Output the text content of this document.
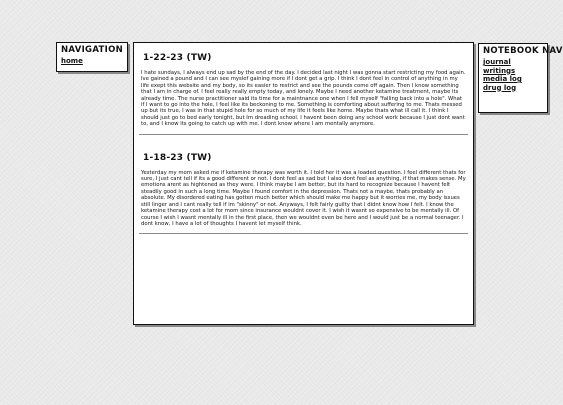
NAVIGATION
home	1-22-23 (TW)
I hate sundays, I always end up sad by the end of the day. I decided last night I was gonna start restricting my food again. Ive gained a pound and I can see myslef gaining more if I dont get a grip. I think I dont feel in control of anything in my life exept this website and my body, so its easier to restrict and see the pounds come off again. Then I know something that I am in charge of. I feel really really empty today, and lonely. Maybe I need another ketamine treatment, maybe its already time. The nurse practitioner said its time for a maintnance one when I fell myself "falling back into a hole". What if I want to go into the hole, I feel like its beckoning to me. Something is comforting about suffering to me. Thats messed up but its true, I was in that stupid hole for so much of my life it feels like home. Maybe thats what ill call it. I think I should just go to bed early tonight, but Im dreading school. I havent been doing any school work because I just dont want to, and I know its going to catch up with me. I dont know where I am mentally anymore.
1-18-23 (TW)
Yesterday my mom asked me if ketamine therapy was worth it. I told her it was a loaded question. I feel different thats for sure, I just cant tell if its a good different or not. I dont feel as sad but I also dont feel as anything, if that makes sense. My emotions arent as hightened as they were. I think maybe I am better, but its hard to recognize because I havent felt steadily good in such a long time. Maybe I found comfort in the depression. Thats not a maybe, thats probably an absolute. My disordered eating has gotten much better which should make me happy but it worries me, my body issues still linger and I cant really tell if im "skinny" or not. Anyways, I felt fairly guilty that I didnt know how I felt. I know the ketamine therapy cost a lot for mom since insurance wouldnt cover it. I wish it wasnt so expensive to be mentally ill. Of course I wish I wasnt mentally ill in the first place, then we wouldnt even be here and I would just be a normal teenager. I dont know, I have a lot of thoughts I havent let myself think.
NOTEBOOK NAV
journal
writings
media log
drug log
